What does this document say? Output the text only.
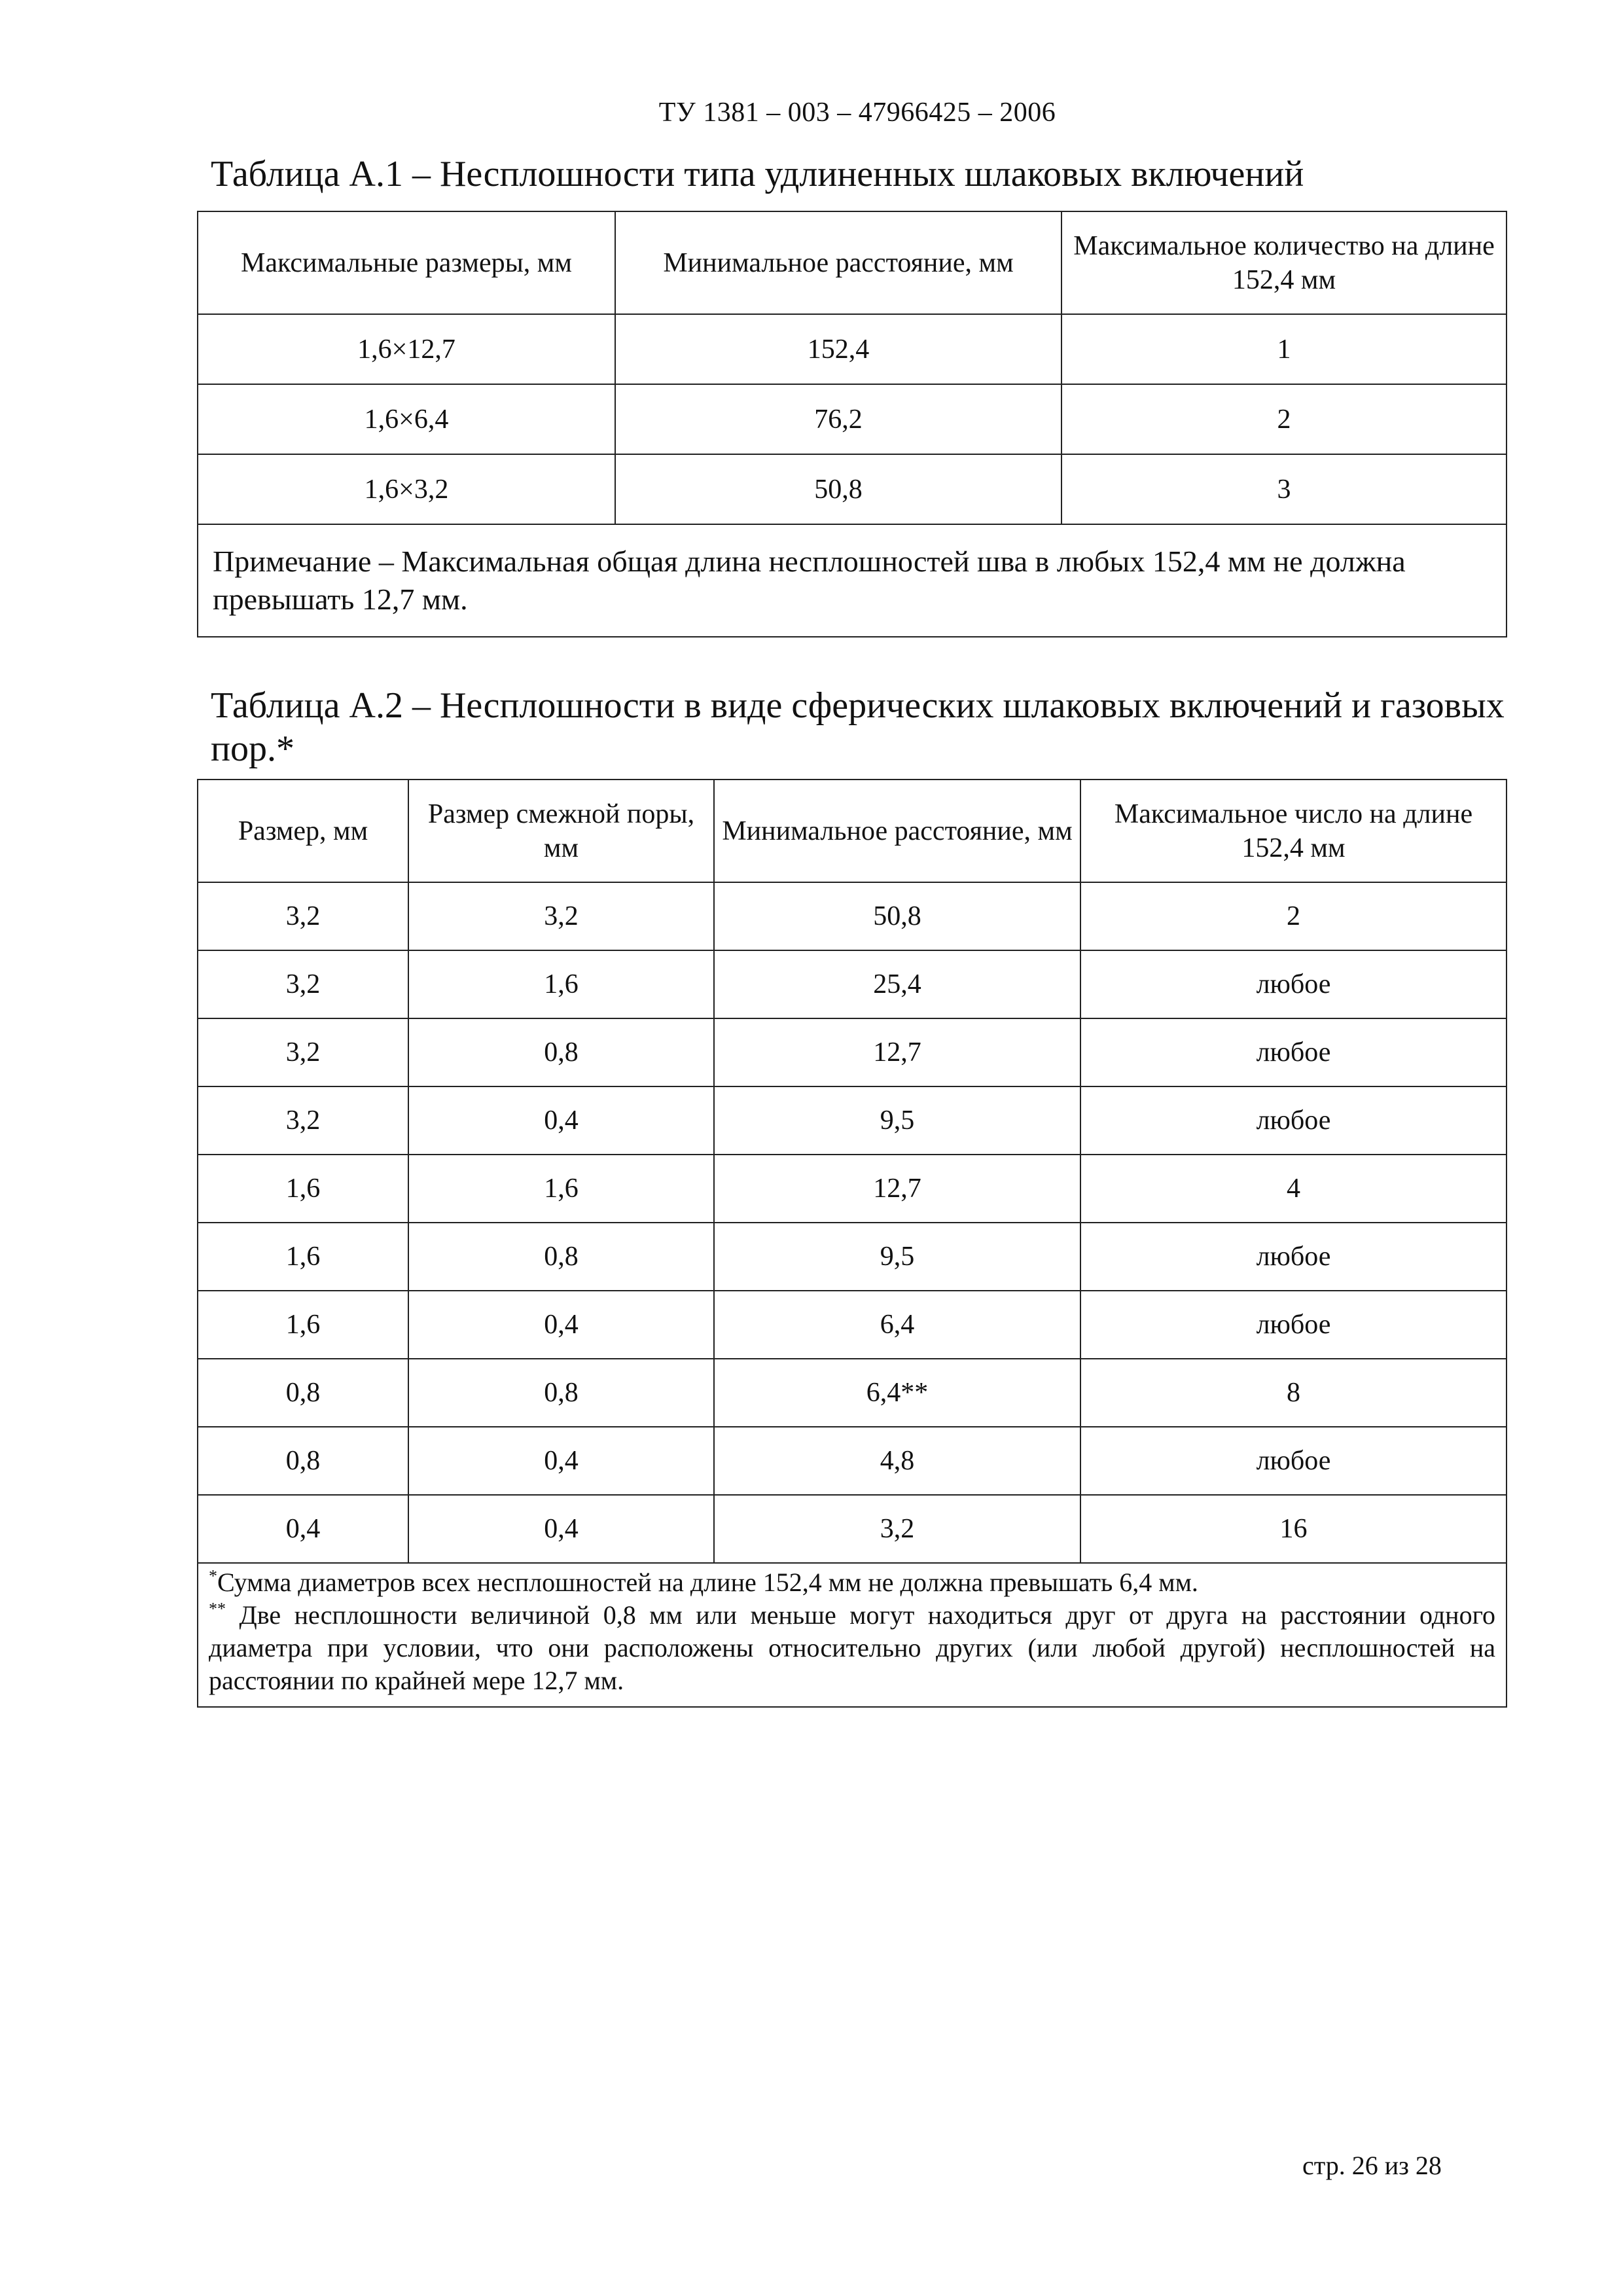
ТУ 1381 – 003 – 47966425 – 2006
Таблица А.1 – Несплошности типа удлиненных шлаковых включений
Максимальные размеры, мм	Минимальное расстояние, мм	Максимальное количество на длине 152,4 мм
1,6×12,7	152,4	1
1,6×6,4	76,2	2
1,6×3,2	50,8	3
Примечание – Максимальная общая длина несплошностей шва в любых 152,4 мм не должна превышать 12,7 мм.		
Таблица А.2 – Несплошности в виде сферических шлаковых включений и газовых пор.*
Размер, мм	Размер смежной поры, мм	Минимальное расстояние, мм	Максимальное число на длине 152,4 мм
3,2	3,2	50,8	2
3,2	1,6	25,4	любое
3,2	0,8	12,7	любое
3,2	0,4	9,5	любое
1,6	1,6	12,7	4
1,6	0,8	9,5	любое
1,6	0,4	6,4	любое
0,8	0,8	6,4**	8
0,8	0,4	4,8	любое
0,4	0,4	3,2	16

*Сумма диаметров всех несплошностей на длине 152,4 мм не должна превышать 6,4 мм.
** Две несплошности величиной 0,8 мм или меньше могут находиться друг от друга на расстоянии одного диаметра при условии, что они расположены относительно других (или любой другой) несплошностей на расстоянии по крайней мере 12,7 мм.			
стр. 26 из 28
